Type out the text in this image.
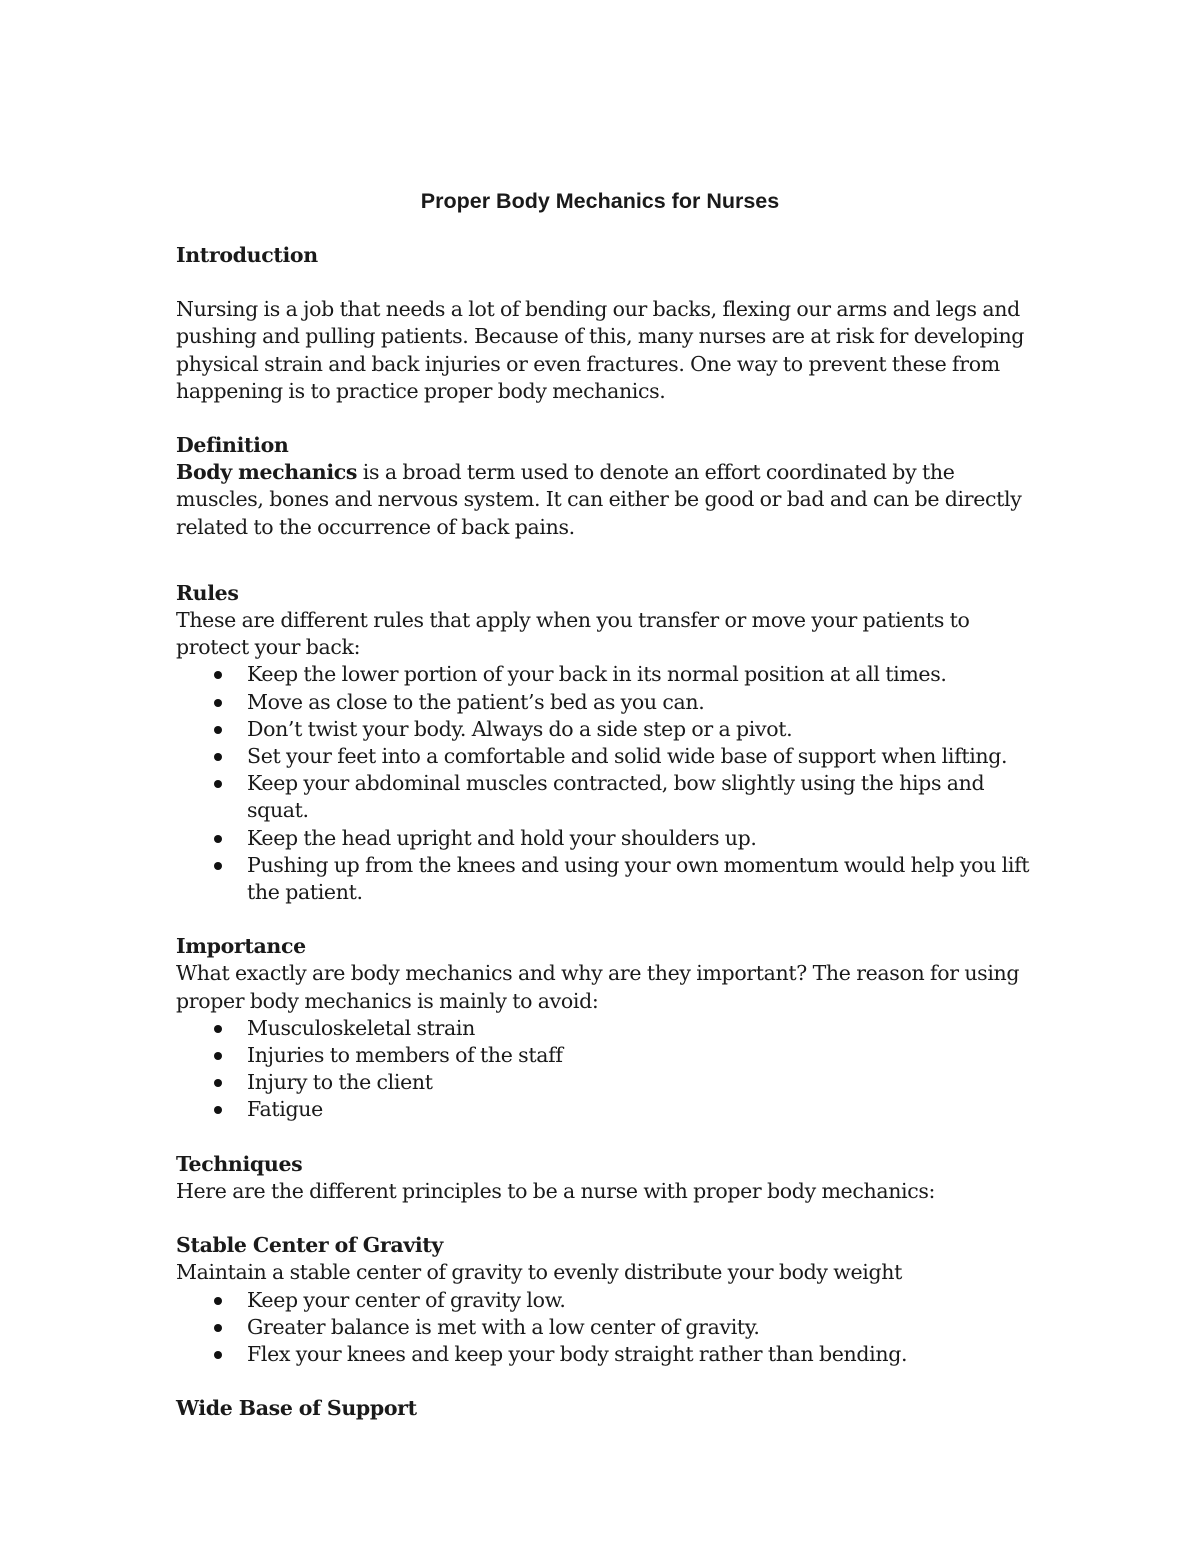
Proper Body Mechanics for Nurses
Introduction

Nursing is a job that needs a lot of bending our backs, flexing our arms and legs and pushing and pulling patients. Because of this, many nurses are at risk for developing physical strain and back injuries or even fractures. One way to prevent these from happening is to practice proper body mechanics.

Definition

Body mechanics is a broad term used to denote an effort coordinated by the muscles, bones and nervous system. It can either be good or bad and can be directly related to the occurrence of back pains.

Rules

These are different rules that apply when you transfer or move your patients to protect your back:

Keep the lower portion of your back in its normal position at all times.
Move as close to the patient’s bed as you can.
Don’t twist your body. Always do a side step or a pivot.
Set your feet into a comfortable and solid wide base of support when lifting.
Keep your abdominal muscles contracted, bow slightly using the hips and squat.
Keep the head upright and hold your shoulders up.
Pushing up from the knees and using your own momentum would help you lift the patient.
Importance

What exactly are body mechanics and why are they important? The reason for using proper body mechanics is mainly to avoid:

Musculoskeletal strain
Injuries to members of the staff
Injury to the client
Fatigue
Techniques

Here are the different principles to be a nurse with proper body mechanics:

Stable Center of Gravity

Maintain a stable center of gravity to evenly distribute your body weight

Keep your center of gravity low.
Greater balance is met with a low center of gravity.
Flex your knees and keep your body straight rather than bending.
Wide Base of Support
